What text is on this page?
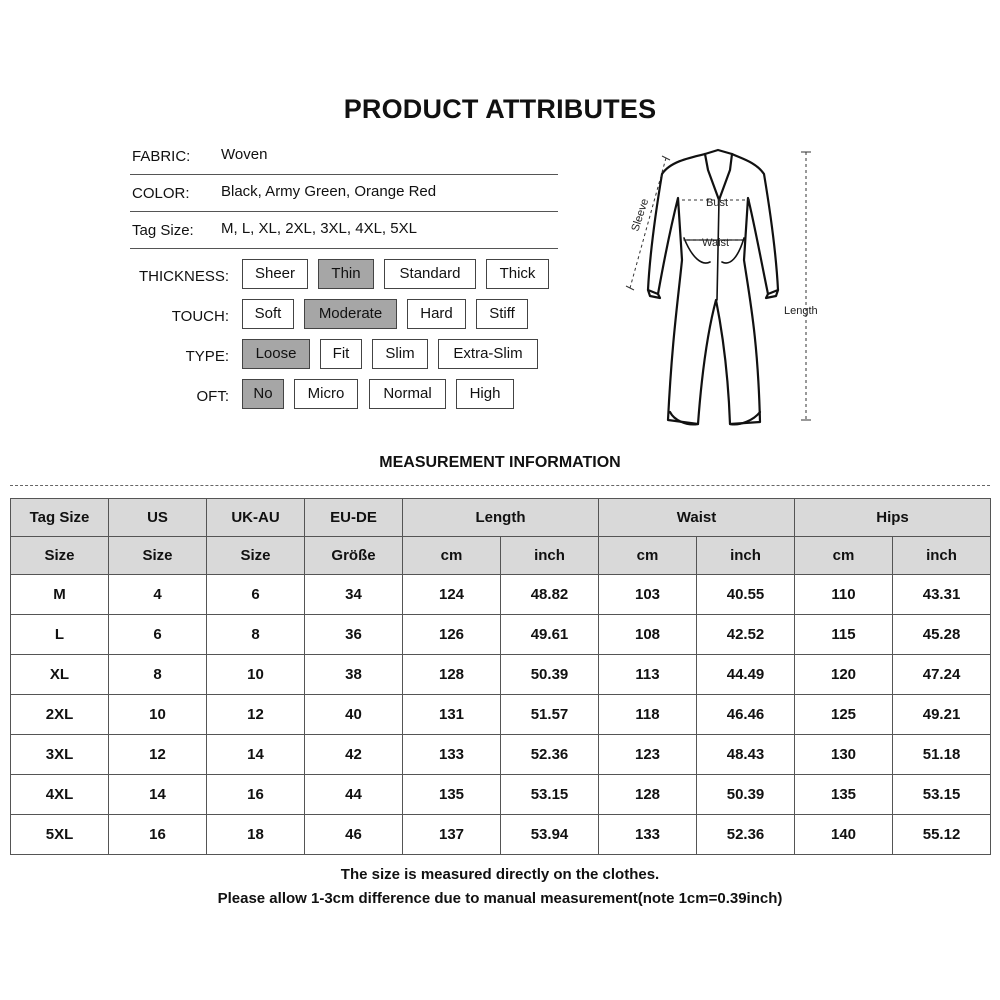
PRODUCT ATTRIBUTES
FABRIC: Woven
COLOR: Black, Army Green, Orange Red
Tag Size: M, L, XL, 2XL, 3XL, 4XL, 5XL
THICKNESS:	Sheer	Thin	Standard	Thick
TOUCH:	Soft	Moderate	Hard	Stiff
TYPE:	Loose	Fit	Slim	Extra-Slim
OFT:	No	Micro	Normal	High
Sleeve	Bust
Waist
Length
MEASUREMENT INFORMATION
Tag Size	US	UK-AU	EU-DE	Length		Waist		Hips	
Size	Size	Size	Größe	cm	inch	cm	inch	cm	inch
M	4	6	34	124	48.82	103	40.55	110	43.31
L	6	8	36	126	49.61	108	42.52	115	45.28
XL	8	10	38	128	50.39	113	44.49	120	47.24
2XL	10	12	40	131	51.57	118	46.46	125	49.21
3XL	12	14	42	133	52.36	123	48.43	130	51.18
4XL	14	16	44	135	53.15	128	50.39	135	53.15
5XL	16	18	46	137	53.94	133	52.36	140	55.12
The size is measured directly on the clothes.
Please allow 1-3cm difference due to manual measurement(note 1cm=0.39inch)
